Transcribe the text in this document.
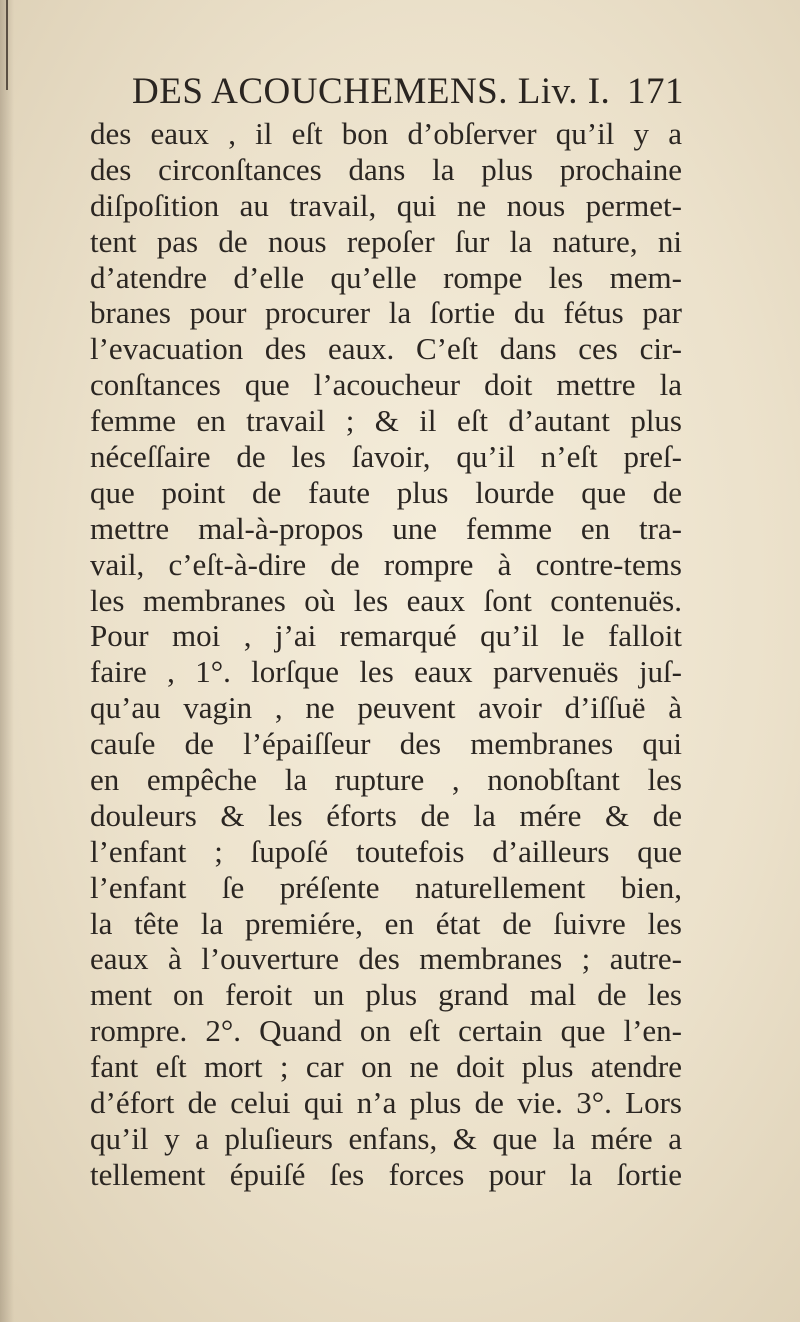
DES ACOUCHEMENS. Liv. I. 171
des eaux , il eſt bon d’obſerver qu’il y a
des circonſtances dans la plus prochaine
diſpoſition au travail, qui ne nous permet-
tent pas de nous repoſer ſur la nature, ni
d’atendre d’elle qu’elle rompe les mem-
branes pour procurer la ſortie du fétus par
l’evacuation des eaux. C’eſt dans ces cir-
conſtances que l’acoucheur doit mettre la
femme en travail ; & il eſt d’autant plus
néceſſaire de les ſavoir, qu’il n’eſt preſ-
que point de faute plus lourde que de
mettre mal-à-propos une femme en tra-
vail, c’eſt-à-dire de rompre à contre-tems
les membranes où les eaux ſont contenuës.
Pour moi , j’ai remarqué qu’il le falloit
faire , 1°. lorſque les eaux parvenuës juſ-
qu’au vagin , ne peuvent avoir d’iſſuë à
cauſe de l’épaiſſeur des membranes qui
en empêche la rupture , nonobſtant les
douleurs & les éforts de la mére & de
l’enfant ; ſupoſé toutefois d’ailleurs que
l’enfant ſe préſente naturellement bien,
la tête la premiére, en état de ſuivre les
eaux à l’ouverture des membranes ; autre-
ment on feroit un plus grand mal de les
rompre. 2°. Quand on eſt certain que l’en-
fant eſt mort ; car on ne doit plus atendre
d’éfort de celui qui n’a plus de vie. 3°. Lors
qu’il y a pluſieurs enfans, & que la mére a
tellement épuiſé ſes forces pour la ſortie
